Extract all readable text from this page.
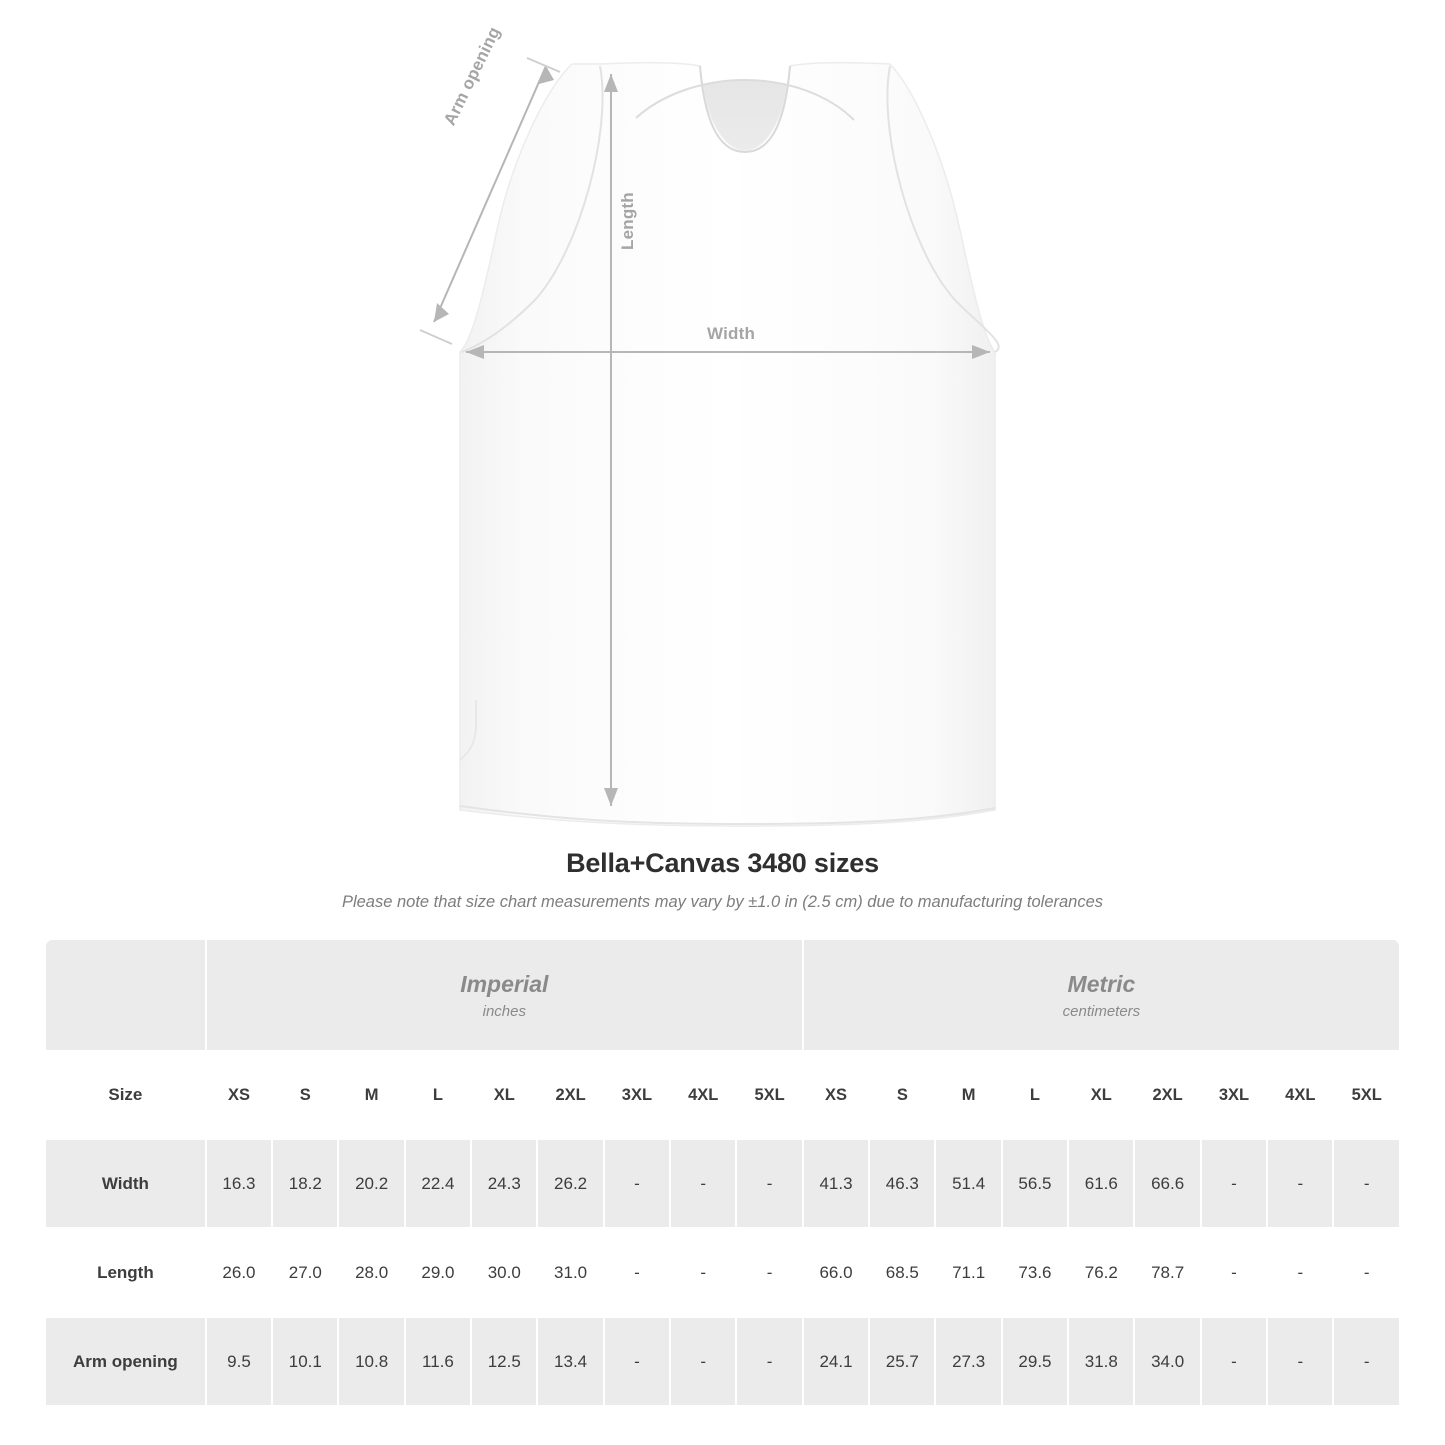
Arm opening
Length
Width
Bella+Canvas 3480 sizes
Please note that size chart measurements may vary by ±1.0 in (2.5 cm) due to manufacturing tolerances

Imperial
inches

Metric
centimeters

Size	XS	S	M	L	XL	2XL	3XL	4XL	5XL	XS	S	M	L	XL	2XL	3XL	4XL	5XL
Width	16.3	18.2	20.2	22.4	24.3	26.2	-	-	-	41.3	46.3	51.4	56.5	61.6	66.6	-	-	-
Length	26.0	27.0	28.0	29.0	30.0	31.0	-	-	-	66.0	68.5	71.1	73.6	76.2	78.7	-	-	-
Arm opening	9.5	10.1	10.8	11.6	12.5	13.4	-	-	-	24.1	25.7	27.3	29.5	31.8	34.0	-	-	-
